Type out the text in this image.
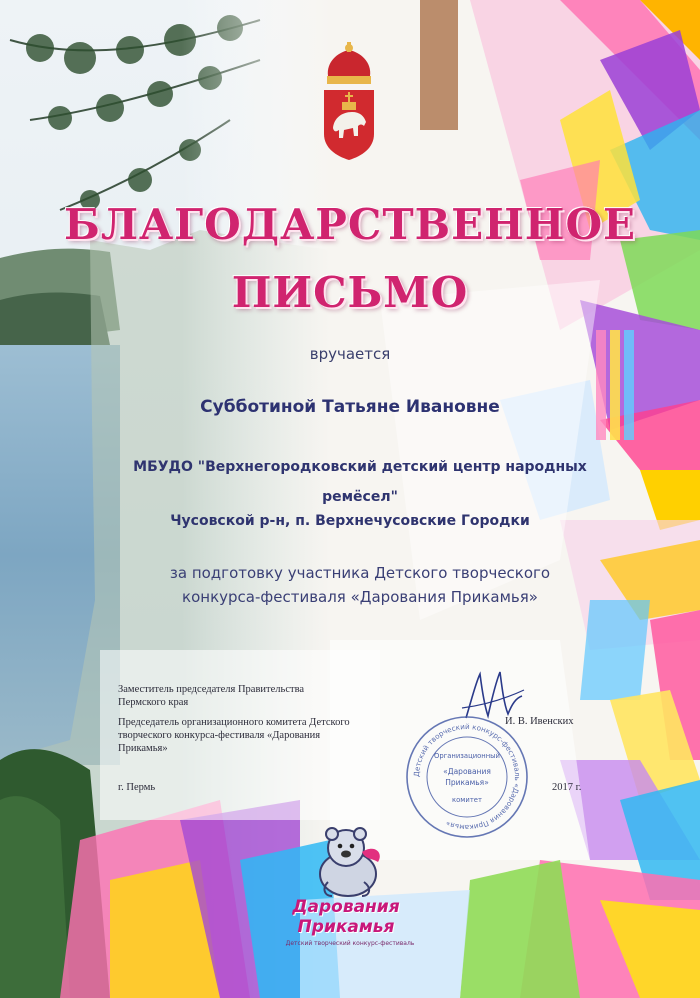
БЛАГОДАРСТВЕННОЕ
ПИСЬМО
вручается
Субботиной Татьяне Ивановне
МБУДО "Верхнегородковский детский центр народных ремёсел"
Чусовской р-н, п. Верхнечусовские Городки
за подготовку участника Детского творческого конкурса-фестиваля «Дарования Прикамья»
Заместитель председателя Правительства Пермского края
Председатель организационного комитета Детского творческого конкурса-фестиваля «Дарования Прикамья»
г. Пермь
И. В. Ивенских
2017 г.
Детский творческий конкурс-фестиваль «Дарования Прикамья»
Организационный
«Дарования
Прикамья»
комитет
Дарования
Прикамья
Детский творческий конкурс-фестиваль
